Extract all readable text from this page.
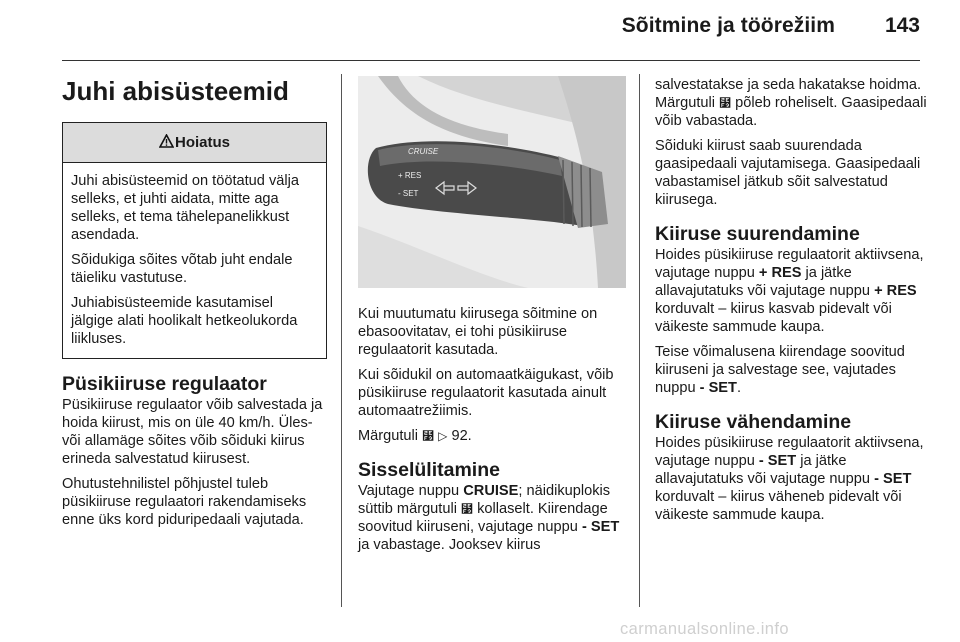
Sõitmine ja töörežiim 143
Juhi abisüsteemid
Hoiatus

Juhi abisüsteemid on töötatud välja selleks, et juhti aidata, mitte aga selleks, et tema tähelepanelikkust asendada.

Sõidukiga sõites võtab juht endale täieliku vastutuse.

Juhiabisüsteemide kasutamisel jälgige alati hoolikalt hetkeolukorda liikluses.

Püsikiiruse regulaator

Püsikiiruse regulaator võib salvestada ja hoida kiirust, mis on üle 40 km/h. Üles- või allamäge sõites võib sõiduki kiirus erineda salvestatud kiirusest.

Ohutustehnilistel põhjustel tuleb püsikiiruse regulaatori rakendamiseks enne üks kord piduripedaali vajutada.

CRUISE
+ RES
- SET

Kui muutumatu kiirusega sõitmine on ebasoovitatav, ei tohi püsikiiruse regulaatorit kasutada.

Kui sõidukil on automaatkäigukast, võib püsikiiruse regulaatorit kasutada ainult automaatrežiimis.

Märgutuli ⻹ ▷ 92.

Sisselülitamine

Vajutage nuppu CRUISE; näidikuplokis süttib märgutuli ⻹ kollaselt. Kiirendage soovitud kiiruseni, vajutage nuppu - SET ja vabastage. Jooksev kiirus

salvestatakse ja seda hakatakse hoidma. Märgutuli ⻹ põleb roheliselt. Gaasipedaali võib vabastada.

Sõiduki kiirust saab suurendada gaasipedaali vajutamisega. Gaasipedaali vabastamisel jätkub sõit salvestatud kiirusega.

Kiiruse suurendamine

Hoides püsikiiruse regulaatorit aktiivsena, vajutage nuppu + RES ja jätke allavajutatuks või vajutage nuppu + RES korduvalt – kiirus kasvab pidevalt või väikeste sammude kaupa.

Teise võimalusena kiirendage soovitud kiiruseni ja salvestage see, vajutades nuppu - SET.

Kiiruse vähendamine

Hoides püsikiiruse regulaatorit aktiivsena, vajutage nuppu - SET ja jätke allavajutatuks või vajutage nuppu - SET korduvalt – kiirus väheneb pidevalt või väikeste sammude kaupa.

carmanualsonline.info
